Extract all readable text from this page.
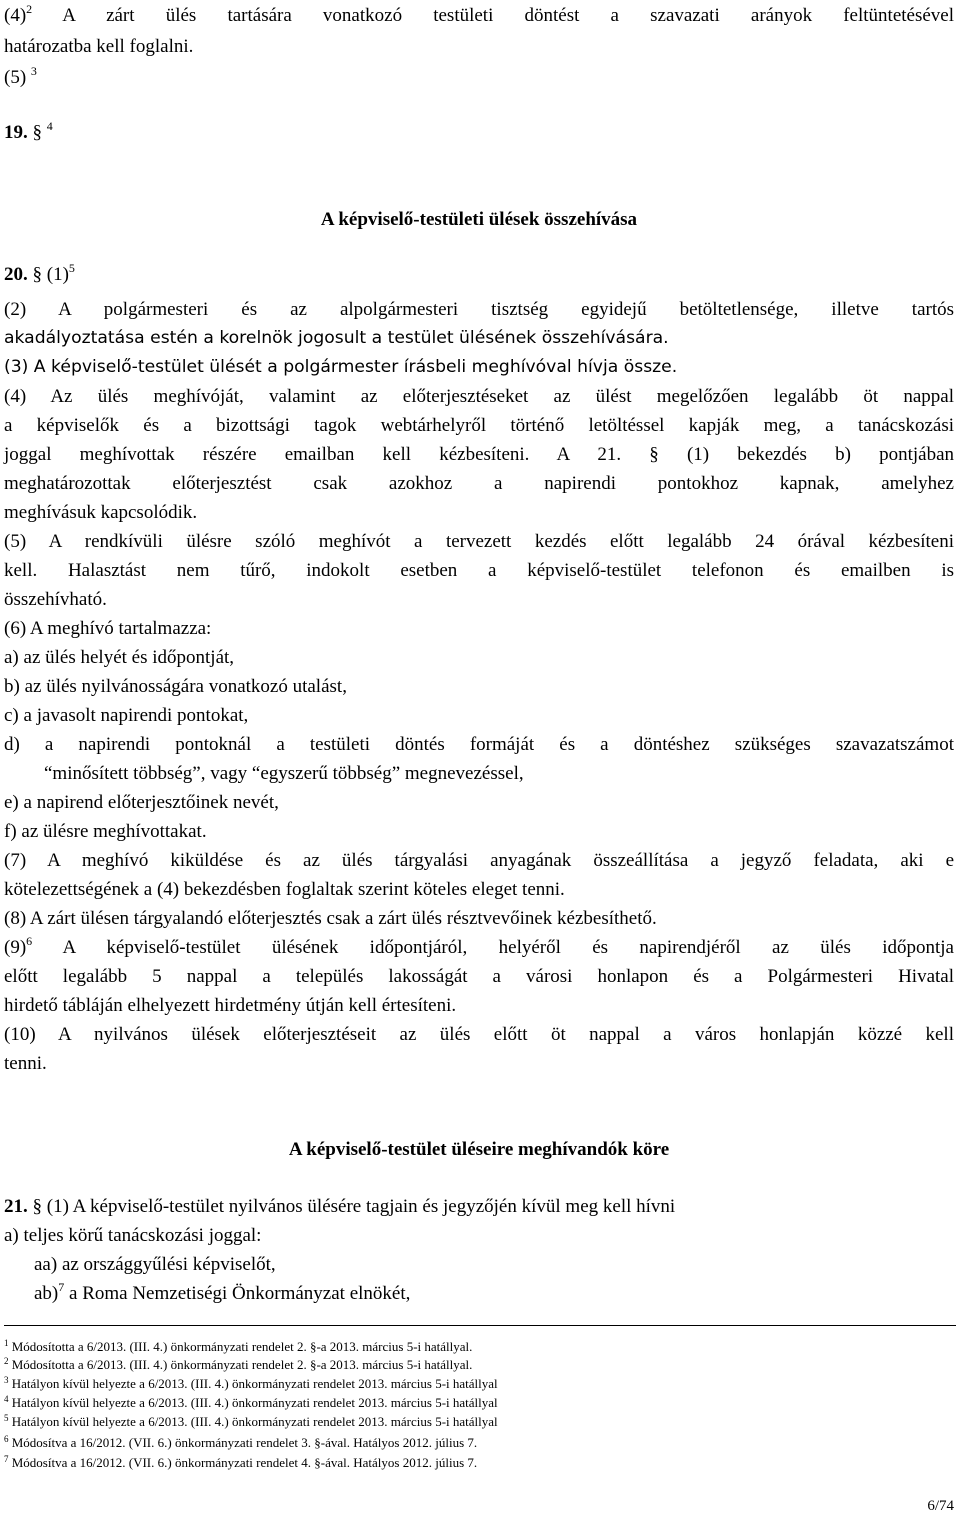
$(4)^2$ A zárt ülés tartására vonatkozó testületi döntést a szavazati arányok feltüntetésével
határozatba kell foglalni.
(5) $^3$
19. § $^4$
A képviselő-testületi ülések összehívása
20. § $(1)^5$
(2) A polgármesteri és az alpolgármesteri tisztség egyidejű betöltetlensége, illetve tartós
akadályoztatása estén a korelnök jogosult a testület ülésének összehívására.
(3) A képviselő-testület ülését a polgármester írásbeli meghívóval hívja össze.
(4) Az ülés meghívóját, valamint az előterjesztéseket az ülést megelőzően legalább öt nappal
a képviselők és a bizottsági tagok webtárhelyről történő letöltéssel kapják meg, a tanácskozási
joggal meghívottak részére emailban kell kézbesíteni. A 21. § (1) bekezdés b) pontjában
meghatározottak előterjesztést csak azokhoz a napirendi pontokhoz kapnak, amelyhez
meghívásuk kapcsolódik.
(5) A rendkívüli ülésre szóló meghívót a tervezett kezdés előtt legalább 24 órával kézbesíteni
kell. Halasztást nem tűrő, indokolt esetben a képviselő-testület telefonon és emailben is
összehívható.
(6) A meghívó tartalmazza:
a) az ülés helyét és időpontját,
b) az ülés nyilvánosságára vonatkozó utalást,
c) a javasolt napirendi pontokat,
d) a napirendi pontoknál a testületi döntés formáját és a döntéshez szükséges szavazatszámot
“minősített többség”, vagy “egyszerű többség” megnevezéssel,
e) a napirend előterjesztőinek nevét,
f) az ülésre meghívottakat.
(7) A meghívó kiküldése és az ülés tárgyalási anyagának összeállítása a jegyző feladata, aki e
kötelezettségének a (4) bekezdésben foglaltak szerint köteles eleget tenni.
(8) A zárt ülésen tárgyalandó előterjesztés csak a zárt ülés résztvevőinek kézbesíthető.
$(9)^6$ A képviselő-testület ülésének időpontjáról, helyéről és napirendjéről az ülés időpontja
előtt legalább 5 nappal a település lakosságát a városi honlapon és a Polgármesteri Hivatal
hirdető tábláján elhelyezett hirdetmény útján kell értesíteni.
(10) A nyilvános ülések előterjesztéseit az ülés előtt öt nappal a város honlapján közzé kell
tenni.
A képviselő-testület üléseire meghívandók köre
21. § (1) A képviselő-testület nyilvános ülésére tagjain és jegyzőjén kívül meg kell hívni
a) teljes körű tanácskozási joggal:
aa) az országgyűlési képviselőt,
ab)$^7$ a Roma Nemzetiségi Önkormányzat elnökét,
$^1$ Módosította a 6/2013. (III. 4.) önkormányzati rendelet 2. §-a 2013. március 5-i hatállyal.
$^2$ Módosította a 6/2013. (III. 4.) önkormányzati rendelet 2. §-a 2013. március 5-i hatállyal.
$^3$ Hatályon kívül helyezte a 6/2013. (III. 4.) önkormányzati rendelet 2013. március 5-i hatállyal
$^4$ Hatályon kívül helyezte a 6/2013. (III. 4.) önkormányzati rendelet 2013. március 5-i hatállyal
$^5$ Hatályon kívül helyezte a 6/2013. (III. 4.) önkormányzati rendelet 2013. március 5-i hatállyal
$^6$ Módosítva a 16/2012. (VII. 6.) önkormányzati rendelet 3. §-ával. Hatályos 2012. július 7.
$^7$ Módosítva a 16/2012. (VII. 6.) önkormányzati rendelet 4. §-ával. Hatályos 2012. július 7.
6/74
